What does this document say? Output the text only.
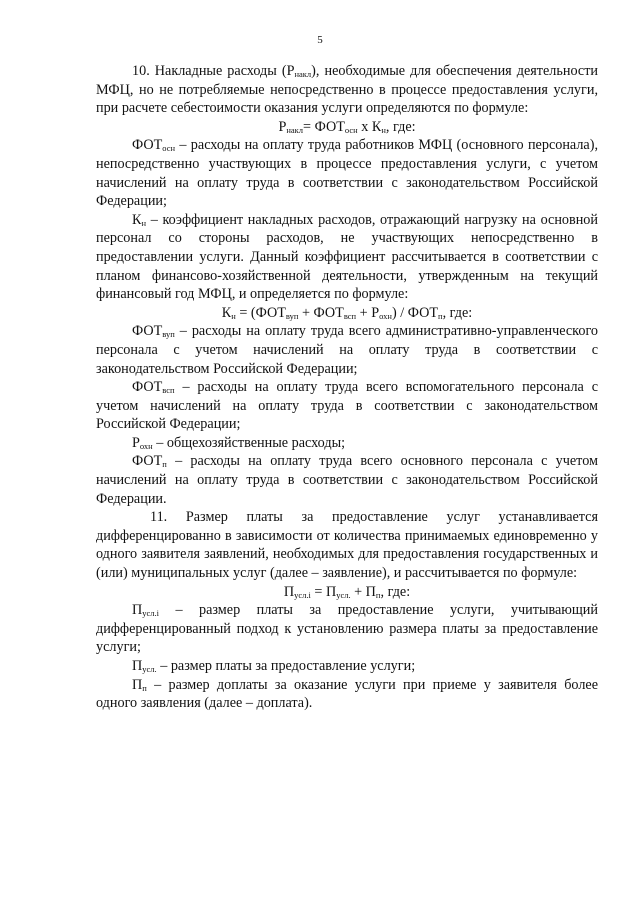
5

10. Накладные расходы $(Р_{накл})$, необходимые для обеспечения деятельности МФЦ, но не потребляемые непосредственно в процессе предоставления услуги, при расчете себестоимости оказания услуги определяются по формуле:

$Р_{накл}= ФОТ_{осн}$ x $К_н$, где:

$ФОТ_{осн}$ – расходы на оплату труда работников МФЦ (основного персонала), непосредственно участвующих в процессе предоставления услуги, с учетом начислений на оплату труда в соответствии с законодательством Российской Федерации;

$К_н$ – коэффициент накладных расходов, отражающий нагрузку на основной персонал со стороны расходов, не участвующих непосредственно в предоставлении услуги. Данный коэффициент рассчитывается в соответствии с планом финансово-хозяйственной деятельности, утвержденным на текущий финансовый год МФЦ, и определяется по формуле:

$К_н = (ФОТ_{вуп} + ФОТ_{всп} + Р_{охн}) / ФОТ_п$, где:

$ФОТ_{вуп}$ – расходы на оплату труда всего административно-управленческого персонала с учетом начислений на оплату труда в соответствии с законодательством Российской Федерации;

$ФОТ_{всп}$ – расходы на оплату труда всего вспомогательного персонала с учетом начислений на оплату труда в соответствии с законодательством Российской Федерации;

$Р_{охн}$ – общехозяйственные расходы;

$ФОТ_п$ – расходы на оплату труда всего основного персонала с учетом начислений на оплату труда в соответствии с законодательством Российской Федерации.

11. Размер платы за предоставление услуг устанавливается дифференцированно в зависимости от количества принимаемых единовременно у одного заявителя заявлений, необходимых для предоставления государственных и (или) муниципальных услуг (далее – заявление), и рассчитывается по формуле:

$П_{усл.i} = П_{усл.} + П_п$, где:

$П_{усл.i}$ – размер платы за предоставление услуги, учитывающий дифференцированный подход к установлению размера платы за предоставление услуги;

$П_{усл.}$ – размер платы за предоставление услуги;

$П_п$ – размер доплаты за оказание услуги при приеме у заявителя более одного заявления (далее – доплата).
